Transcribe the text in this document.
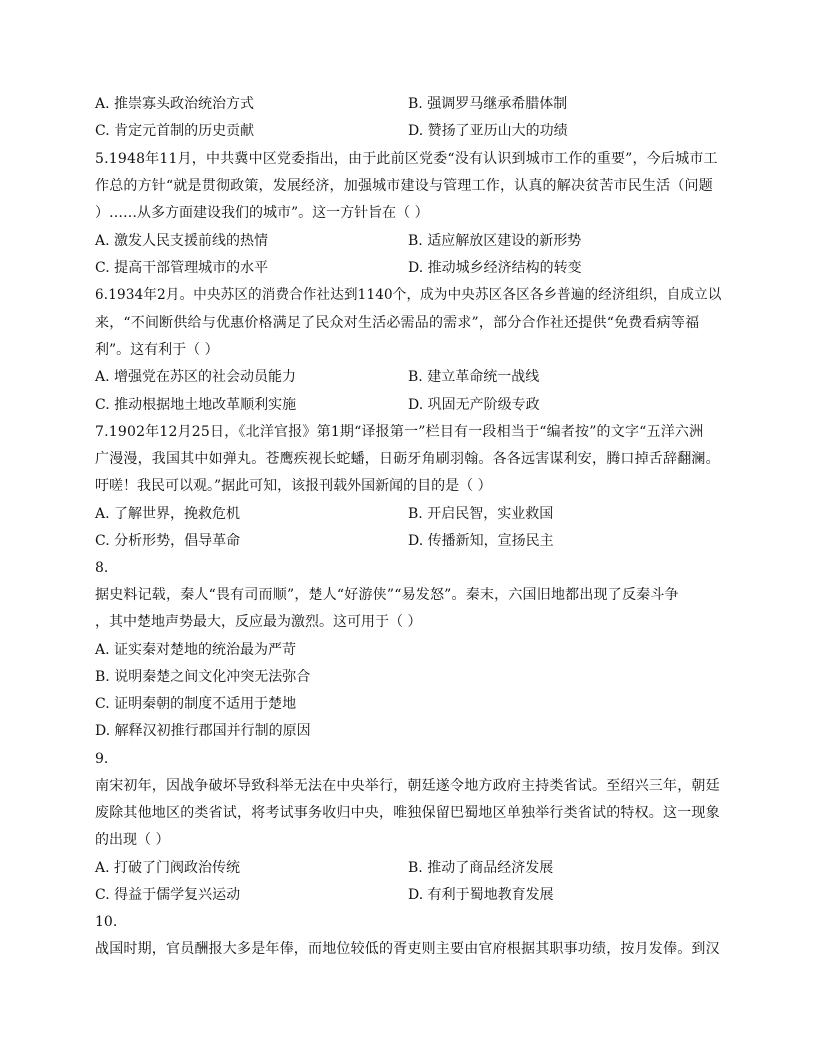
A. 推崇寡头政治统治方式	B. 强调罗马继承希腊体制
C. 肯定元首制的历史贡献	D. 赞扬了亚历山大的功绩
5.1948年11月，中共冀中区党委指出，由于此前区党委“没有认识到城市工作的重要”，今后城市工
作总的方针“就是贯彻政策，发展经济，加强城市建设与管理工作，认真的解决贫苦市民生活（问题
）……从多方面建设我们的城市”。这一方针旨在（ ）
A. 激发人民支援前线的热情	B. 适应解放区建设的新形势
C. 提高干部管理城市的水平	D. 推动城乡经济结构的转变
6.1934年2月。中央苏区的消费合作社达到1140个，成为中央苏区各区各乡普遍的经济组织，自成立以
来，“不间断供给与优惠价格满足了民众对生活必需品的需求”，部分合作社还提供“免费看病等福
利”。这有利于（ ）
A. 增强党在苏区的社会动员能力	B. 建立革命统一战线
C. 推动根据地土地改革顺利实施	D. 巩固无产阶级专政
7.1902年12月25日，《北洋官报》第1期“译报第一”栏目有一段相当于“编者按”的文字“五洋六洲
广漫漫，我国其中如弹丸。苍鹰疾视长蛇蟠，日砺牙角刷羽翰。各各远害谋利安，腾口掉舌辞翻澜。
吁嗟！我民可以观。”据此可知，该报刊载外国新闻的目的是（ ）
A. 了解世界，挽救危机	B. 开启民智，实业救国
C. 分析形势，倡导革命	D. 传播新知，宣扬民主
8.
据史料记载，秦人“畏有司而顺”，楚人“好游侠”“易发怒”。秦末，六国旧地都出现了反秦斗争
，其中楚地声势最大，反应最为激烈。这可用于（ ）
A. 证实秦对楚地的统治最为严苛
B. 说明秦楚之间文化冲突无法弥合
C. 证明秦朝的制度不适用于楚地
D. 解释汉初推行郡国并行制的原因
9.
南宋初年，因战争破坏导致科举无法在中央举行，朝廷遂令地方政府主持类省试。至绍兴三年，朝廷
废除其他地区的类省试，将考试事务收归中央，唯独保留巴蜀地区单独举行类省试的特权。这一现象
的出现（ ）
A. 打破了门阀政治传统	B. 推动了商品经济发展
C. 得益于儒学复兴运动	D. 有利于蜀地教育发展
10.
战国时期，官员酬报大多是年俸，而地位较低的胥吏则主要由官府根据其职事功绩，按月发俸。到汉
